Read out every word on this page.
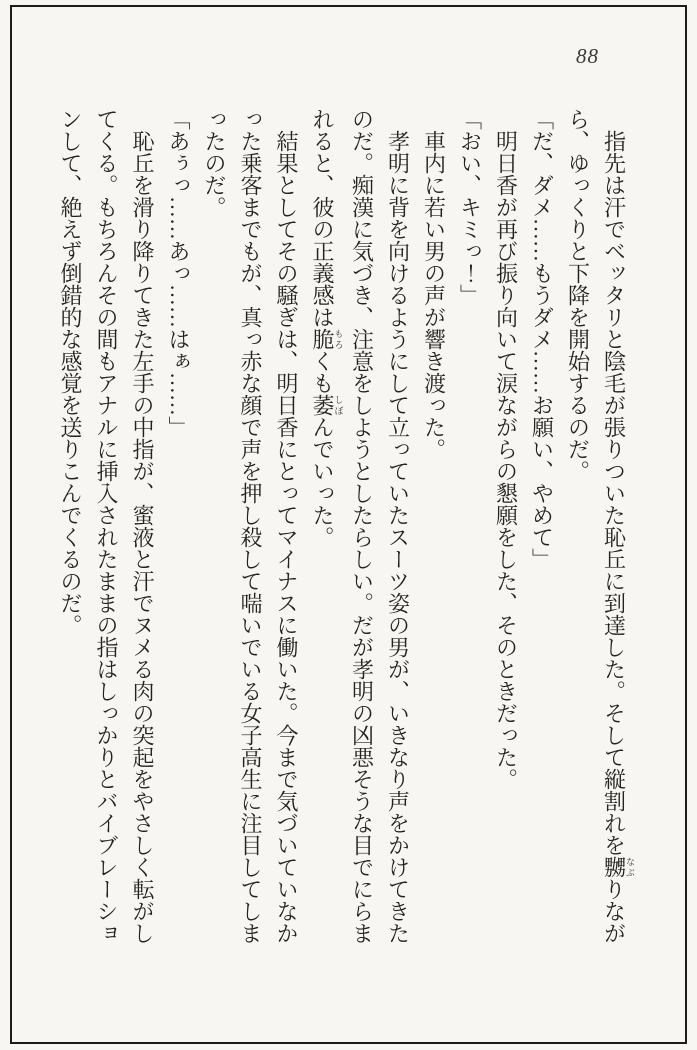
88
指先は汗でベッタリと陰毛が張りついた恥丘に到達した。そして縦割れを嬲なぶりなが
ら、ゆっくりと下降を開始するのだ。
「だ、ダメ……もうダメ……お願い、やめて」
明日香が再び振り向いて涙ながらの懇願をした、そのときだった。
「おい、キミっ！」
車内に若い男の声が響き渡った。
孝明に背を向けるようにして立っていたスーツ姿の男が、いきなり声をかけてきた
のだ。痴漢に気づき、注意をしようとしたらしい。だが孝明の凶悪そうな目でにらま
れると、彼の正義感は脆もろくも萎しぼんでいった。
結果としてその騒ぎは、明日香にとってマイナスに働いた。今まで気づいていなか
った乗客までもが、真っ赤な顔で声を押し殺して喘いでいる女子高生に注目してしま
ったのだ。
「あぅっ……あっ……はぁ……」
恥丘を滑り降りてきた左手の中指が、蜜液と汗でヌメる肉の突起をやさしく転がし
てくる。もちろんその間もアナルに挿入されたままの指はしっかりとバイブレーショ
ンして、絶えず倒錯的な感覚を送りこんでくるのだ。
